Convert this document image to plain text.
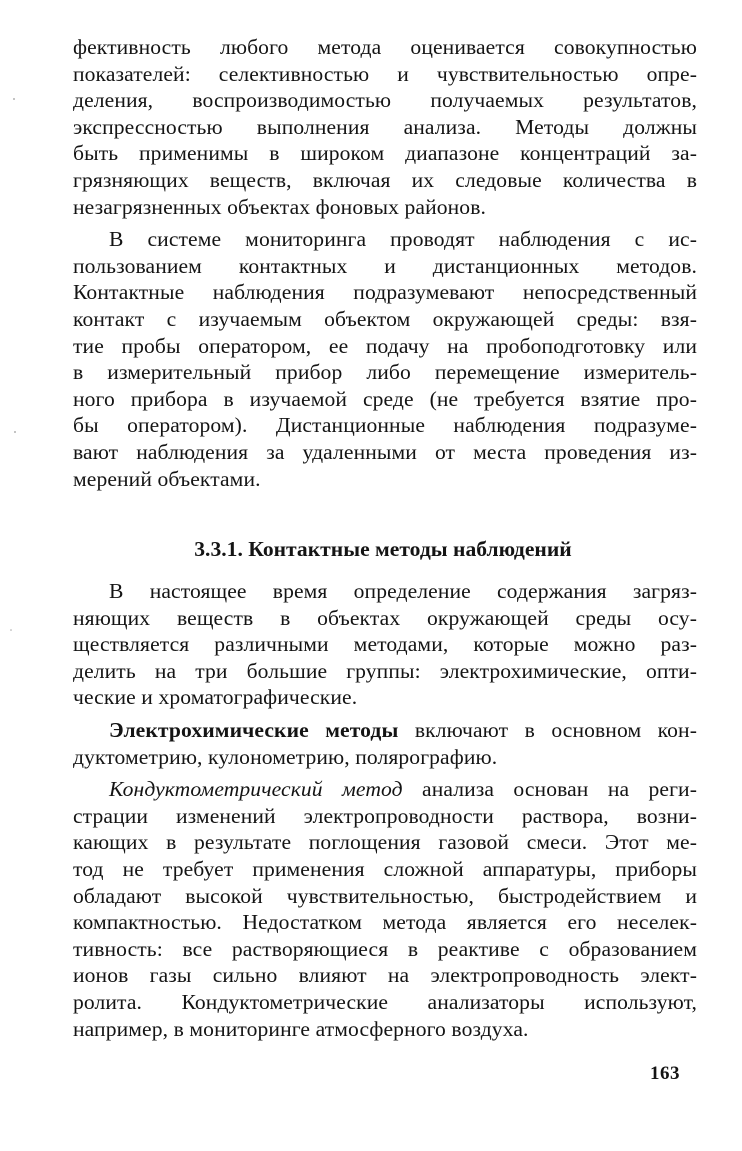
фективность любого метода оценивается совокупностью
показателей: селективностью и чувствительностью опре-
деления, воспроизводимостью получаемых результатов,
экспрессностью выполнения анализа. Методы должны
быть применимы в широком диапазоне концентраций за-
грязняющих веществ, включая их следовые количества в
незагрязненных объектах фоновых районов.

В системе мониторинга проводят наблюдения с ис-
пользованием контактных и дистанционных методов.
Контактные наблюдения подразумевают непосредственный
контакт с изучаемым объектом окружающей среды: взя-
тие пробы оператором, ее подачу на пробоподготовку или
в измерительный прибор либо перемещение измеритель-
ного прибора в изучаемой среде (не требуется взятие про-
бы оператором). Дистанционные наблюдения подразуме-
вают наблюдения за удаленными от места проведения из-
мерений объектами.

3.3.1. Контактные методы наблюдений

В настоящее время определение содержания загряз-
няющих веществ в объектах окружающей среды осу-
ществляется различными методами, которые можно раз-
делить на три большие группы: электрохимические, опти-
ческие и хроматографические.

Электрохимические методы включают в основном кон-
дуктометрию, кулонометрию, полярографию.

Кондуктометрический метод анализа основан на реги-
страции изменений электропроводности раствора, возни-
кающих в результате поглощения газовой смеси. Этот ме-
тод не требует применения сложной аппаратуры, приборы
обладают высокой чувствительностью, быстродействием и
компактностью. Недостатком метода является его неселек-
тивность: все растворяющиеся в реактиве с образованием
ионов газы сильно влияют на электропроводность элект-
ролита. Кондуктометрические анализаторы используют,
например, в мониторинге атмосферного воздуха.

163
